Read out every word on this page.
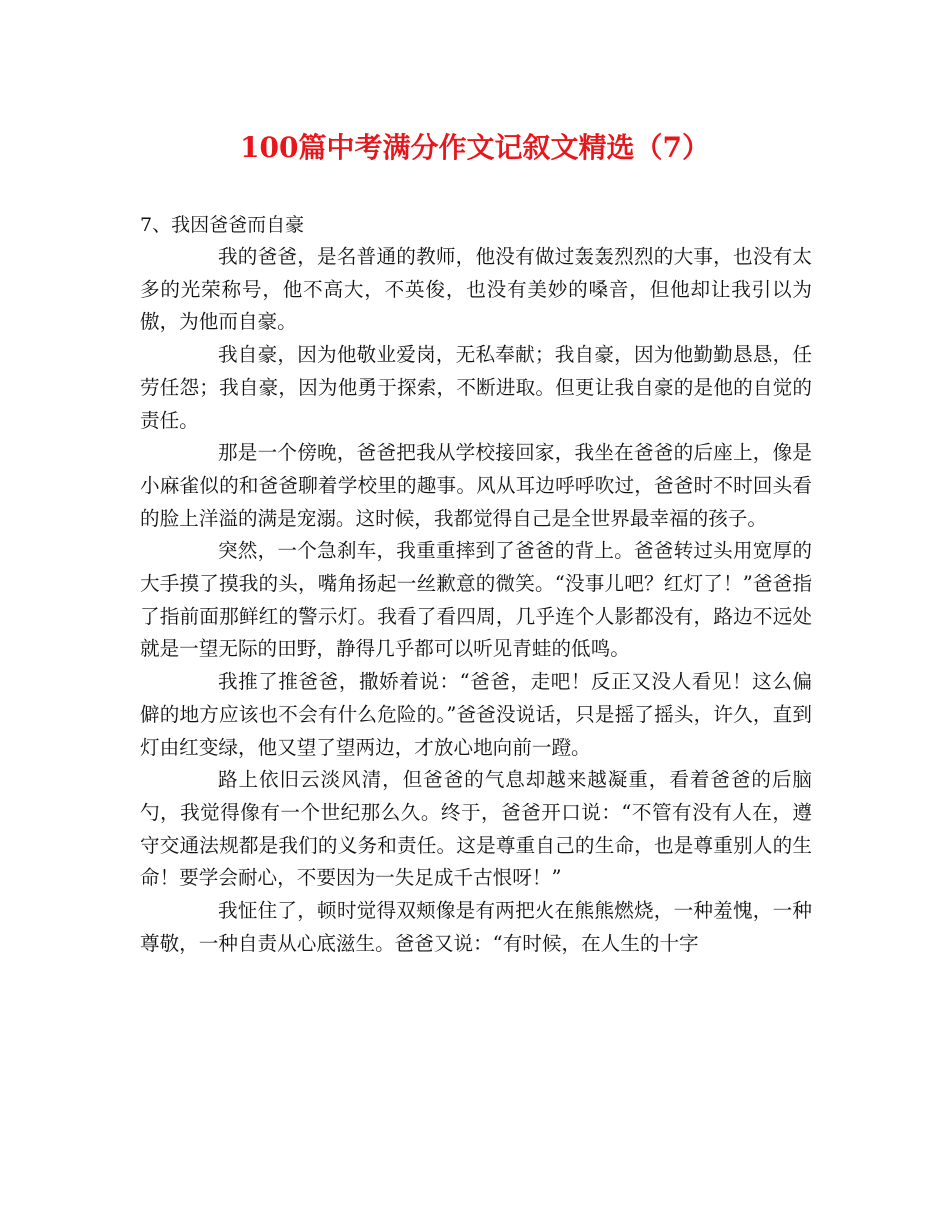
100篇中考满分作文记叙文精选（7）
7、我因爸爸而自豪

我的爸爸，是名普通的教师，他没有做过轰轰烈烈的大事，也没有太多的光荣称号，他不高大，不英俊，也没有美妙的嗓音，但他却让我引以为傲，为他而自豪。

我自豪，因为他敬业爱岗，无私奉献；我自豪，因为他勤勤恳恳，任劳任怨；我自豪，因为他勇于探索，不断进取。但更让我自豪的是他的自觉的责任。

那是一个傍晚，爸爸把我从学校接回家，我坐在爸爸的后座上，像是小麻雀似的和爸爸聊着学校里的趣事。风从耳边呼呼吹过，爸爸时不时回头看的脸上洋溢的满是宠溺。这时候，我都觉得自己是全世界最幸福的孩子。

突然，一个急刹车，我重重摔到了爸爸的背上。爸爸转过头用宽厚的大手摸了摸我的头，嘴角扬起一丝歉意的微笑。“没事儿吧？红灯了！”爸爸指了指前面那鲜红的警示灯。我看了看四周，几乎连个人影都没有，路边不远处就是一望无际的田野，静得几乎都可以听见青蛙的低鸣。

我推了推爸爸，撒娇着说：“爸爸，走吧！反正又没人看见！这么偏僻的地方应该也不会有什么危险的。”爸爸没说话，只是摇了摇头，许久，直到灯由红变绿，他又望了望两边，才放心地向前一蹬。

路上依旧云淡风清，但爸爸的气息却越来越凝重，看着爸爸的后脑勺，我觉得像有一个世纪那么久。终于，爸爸开口说：“不管有没有人在，遵守交通法规都是我们的义务和责任。这是尊重自己的生命，也是尊重别人的生命！要学会耐心，不要因为一失足成千古恨呀！”

我怔住了，顿时觉得双颊像是有两把火在熊熊燃烧，一种羞愧，一种尊敬，一种自责从心底滋生。爸爸又说：“有时候，在人生的十字
